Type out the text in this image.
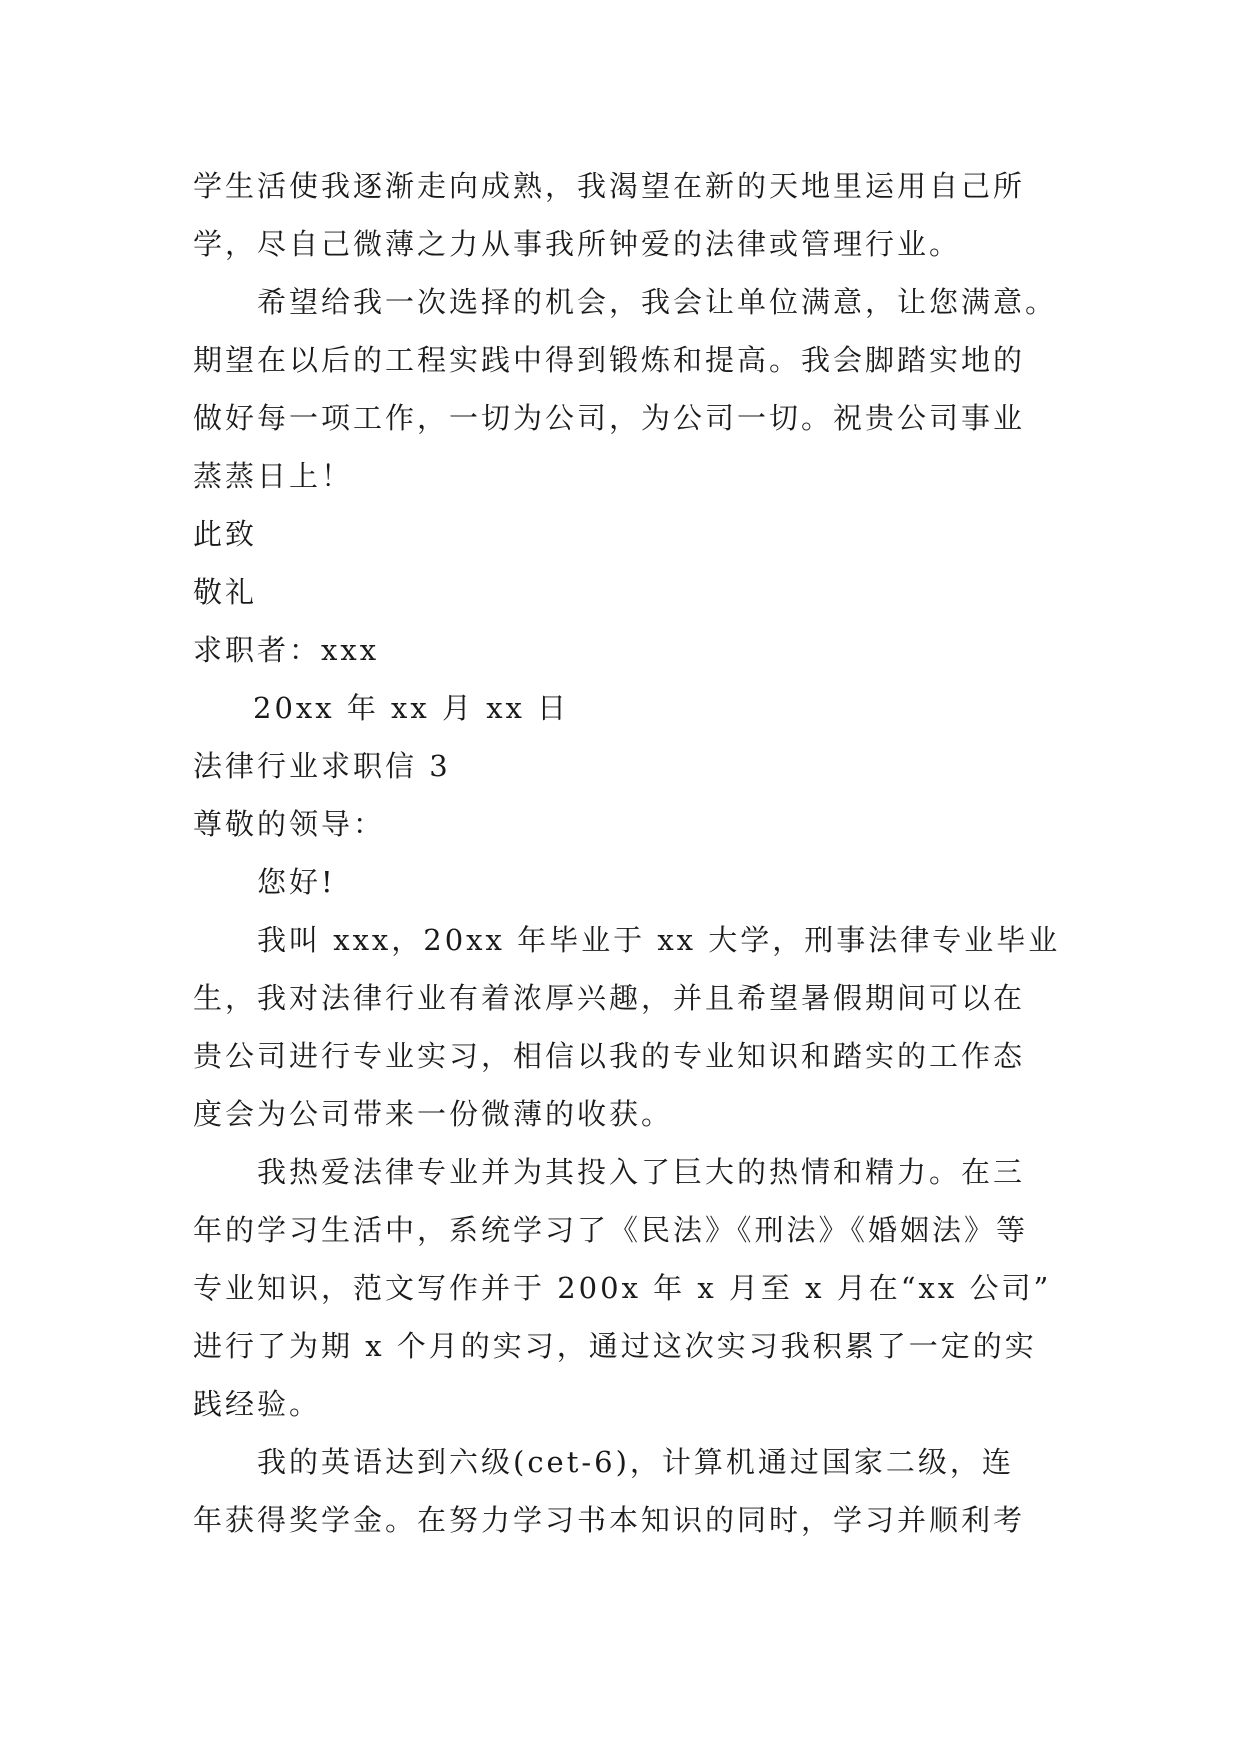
学生活使我逐渐走向成熟，我渴望在新的天地里运用自己所
学，尽自己微薄之力从事我所钟爱的法律或管理行业。
希望给我一次选择的机会，我会让单位满意，让您满意。
期望在以后的工程实践中得到锻炼和提高。我会脚踏实地的
做好每一项工作，一切为公司，为公司一切。祝贵公司事业
蒸蒸日上！
此致
敬礼
求职者：xxx
20xx 年 xx 月 xx 日
法律行业求职信 3
尊敬的领导：
您好!
我叫 xxx，20xx 年毕业于 xx 大学，刑事法律专业毕业
生，我对法律行业有着浓厚兴趣，并且希望暑假期间可以在
贵公司进行专业实习，相信以我的专业知识和踏实的工作态
度会为公司带来一份微薄的收获。
我热爱法律专业并为其投入了巨大的热情和精力。在三
年的学习生活中，系统学习了《民法》《刑法》《婚姻法》等
专业知识，范文写作并于 200x 年 x 月至 x 月在“xx 公司”
进行了为期 x 个月的实习，通过这次实习我积累了一定的实
践经验。
我的英语达到六级(cet-6)，计算机通过国家二级，连
年获得奖学金。在努力学习书本知识的同时，学习并顺利考
